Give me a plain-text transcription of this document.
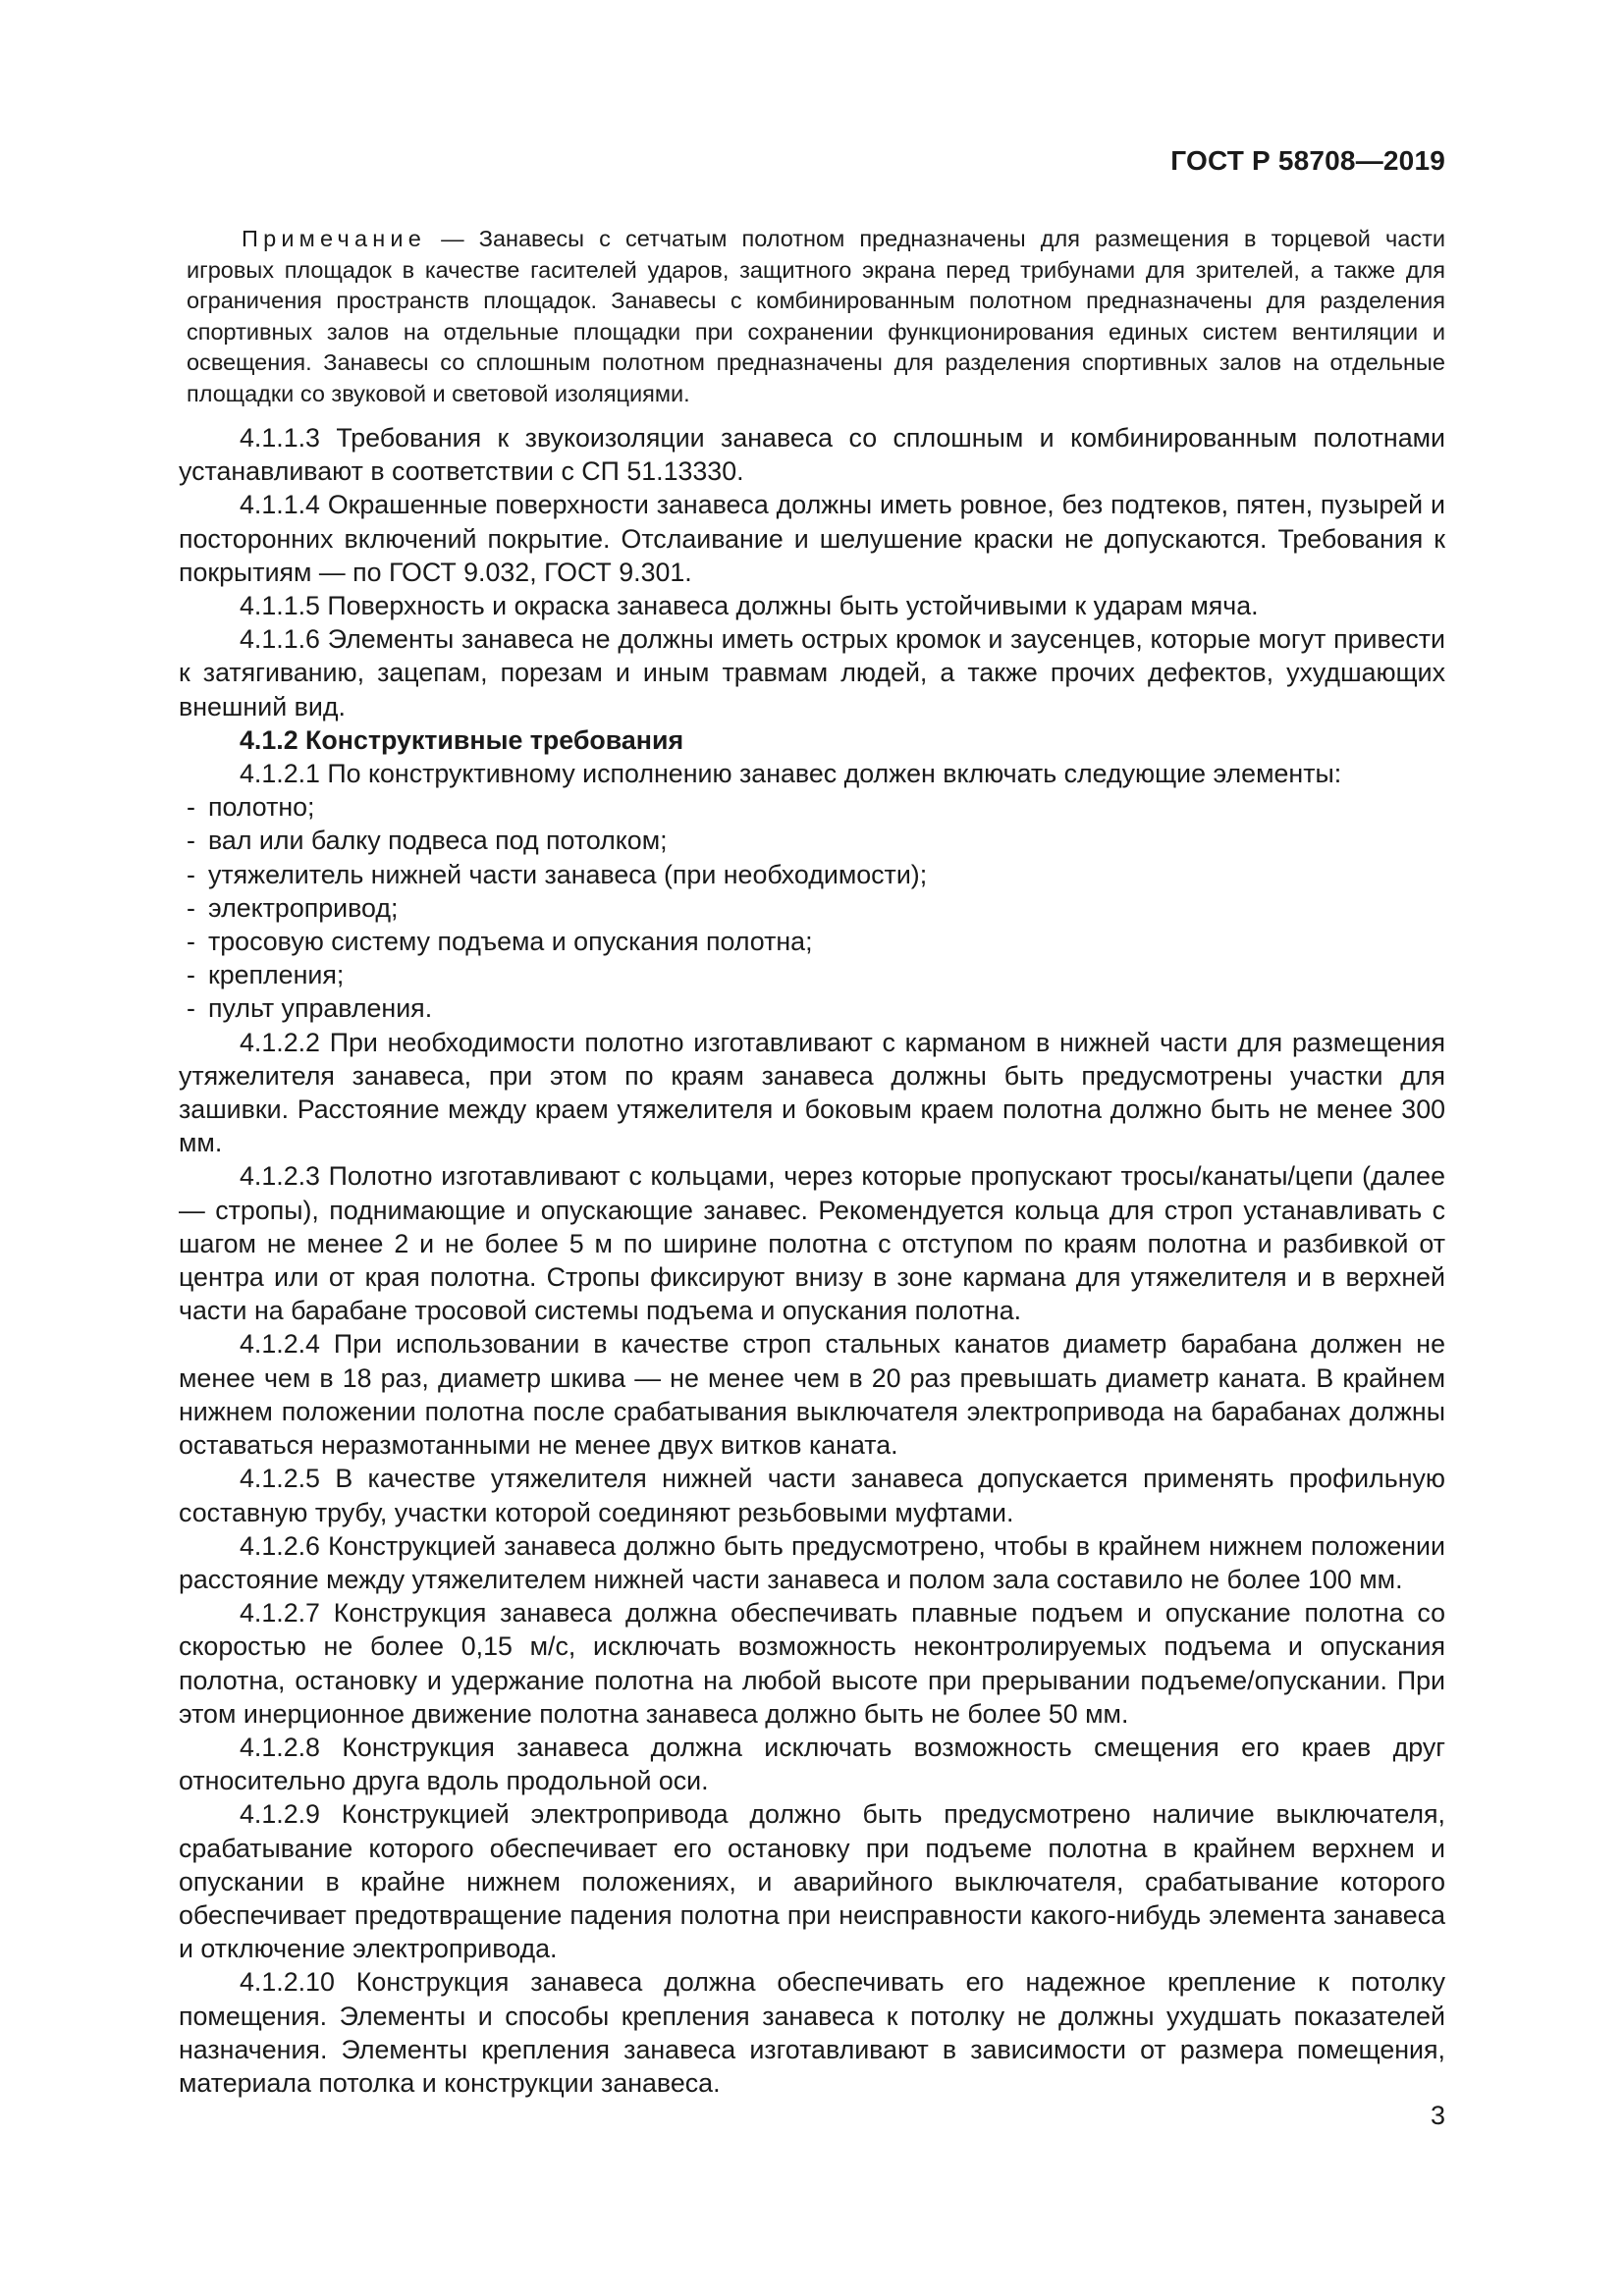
ГОСТ Р 58708—2019

Примечание — Занавесы с сетчатым полотном предназначены для размещения в торцевой части игровых площадок в качестве гасителей ударов, защитного экрана перед трибунами для зрителей, а также для ограничения пространств площадок. Занавесы с комбинированным полотном предназначены для разделения спортивных залов на отдельные площадки при сохранении функционирования единых систем вентиляции и освещения. Занавесы со сплошным полотном предназначены для разделения спортивных залов на отдельные площадки со звуковой и световой изоляциями.

4.1.1.3 Требования к звукоизоляции занавеса со сплошным и комбинированным полотнами устанавливают в соответствии с СП 51.13330.

4.1.1.4 Окрашенные поверхности занавеса должны иметь ровное, без подтеков, пятен, пузырей и посторонних включений покрытие. Отслаивание и шелушение краски не допускаются. Требования к покрытиям — по ГОСТ 9.032, ГОСТ 9.301.

4.1.1.5 Поверхность и окраска занавеса должны быть устойчивыми к ударам мяча.

4.1.1.6 Элементы занавеса не должны иметь острых кромок и заусенцев, которые могут привести к затягиванию, зацепам, порезам и иным травмам людей, а также прочих дефектов, ухудшающих внешний вид.

4.1.2 Конструктивные требования

4.1.2.1 По конструктивному исполнению занавес должен включать следующие элементы:

- полотно;

- вал или балку подвеса под потолком;

- утяжелитель нижней части занавеса (при необходимости);

- электропривод;

- тросовую систему подъема и опускания полотна;

- крепления;

- пульт управления.

4.1.2.2 При необходимости полотно изготавливают с карманом в нижней части для размещения утяжелителя занавеса, при этом по краям занавеса должны быть предусмотрены участки для зашивки. Расстояние между краем утяжелителя и боковым краем полотна должно быть не менее 300 мм.

4.1.2.3 Полотно изготавливают с кольцами, через которые пропускают тросы/канаты/цепи (далее — стропы), поднимающие и опускающие занавес. Рекомендуется кольца для строп устанавливать с шагом не менее 2 и не более 5 м по ширине полотна с отступом по краям полотна и разбивкой от центра или от края полотна. Стропы фиксируют внизу в зоне кармана для утяжелителя и в верхней части на барабане тросовой системы подъема и опускания полотна.

4.1.2.4 При использовании в качестве строп стальных канатов диаметр барабана должен не менее чем в 18 раз, диаметр шкива — не менее чем в 20 раз превышать диаметр каната. В крайнем нижнем положении полотна после срабатывания выключателя электропривода на барабанах должны оставаться неразмотанными не менее двух витков каната.

4.1.2.5 В качестве утяжелителя нижней части занавеса допускается применять профильную составную трубу, участки которой соединяют резьбовыми муфтами.

4.1.2.6 Конструкцией занавеса должно быть предусмотрено, чтобы в крайнем нижнем положении расстояние между утяжелителем нижней части занавеса и полом зала составило не более 100 мм.

4.1.2.7 Конструкция занавеса должна обеспечивать плавные подъем и опускание полотна со скоростью не более 0,15 м/с, исключать возможность неконтролируемых подъема и опускания полотна, остановку и удержание полотна на любой высоте при прерывании подъеме/опускании. При этом инерционное движение полотна занавеса должно быть не более 50 мм.

4.1.2.8 Конструкция занавеса должна исключать возможность смещения его краев друг относительно друга вдоль продольной оси.

4.1.2.9 Конструкцией электропривода должно быть предусмотрено наличие выключателя, срабатывание которого обеспечивает его остановку при подъеме полотна в крайнем верхнем и опускании в крайне нижнем положениях, и аварийного выключателя, срабатывание которого обеспечивает предотвращение падения полотна при неисправности какого-нибудь элемента занавеса и отключение электропривода.

4.1.2.10 Конструкция занавеса должна обеспечивать его надежное крепление к потолку помещения. Элементы и способы крепления занавеса к потолку не должны ухудшать показателей назначения. Элементы крепления занавеса изготавливают в зависимости от размера помещения, материала потолка и конструкции занавеса.

3
